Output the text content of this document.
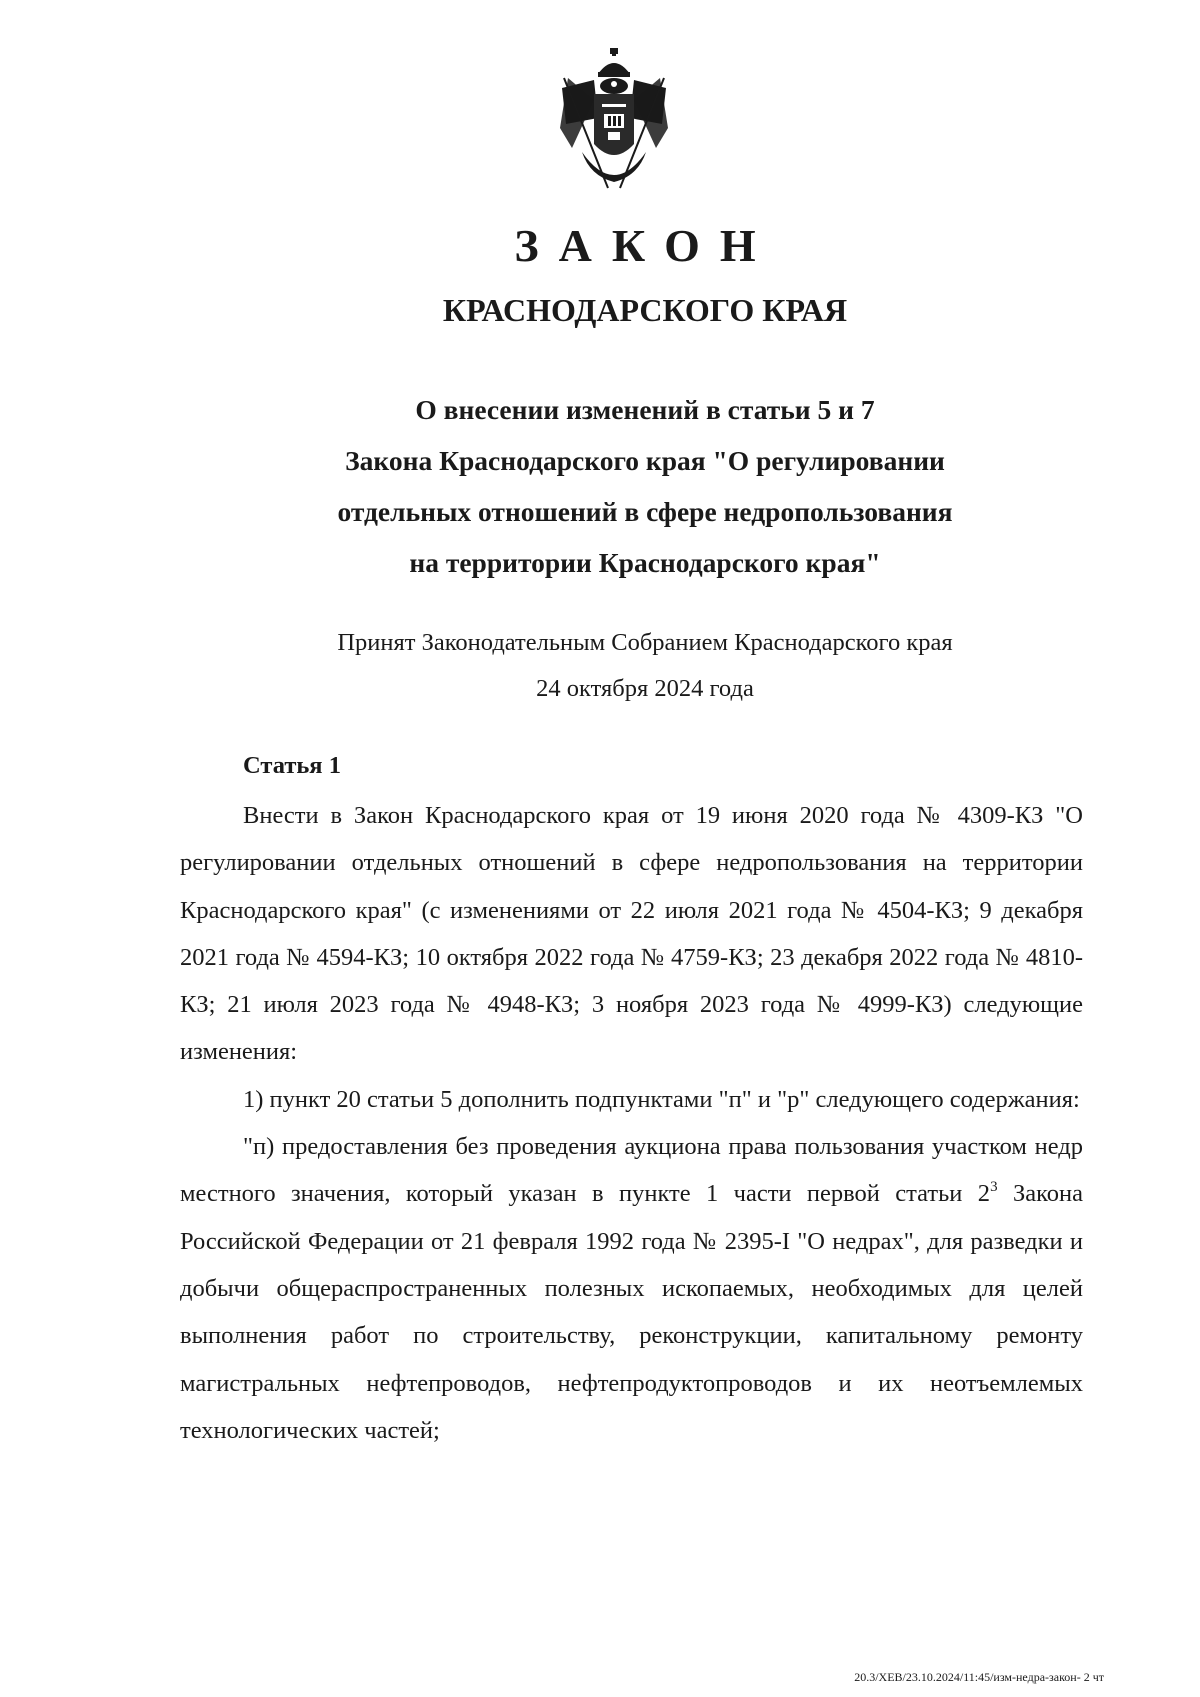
ЗАКОН
КРАСНОДАРСКОГО КРАЯ
О внесении изменений в статьи 5 и 7
Закона Краснодарского края "О регулировании
отдельных отношений в сфере недропользования
на территории Краснодарского края"
Принят Законодательным Собранием Краснодарского края
24 октября 2024 года
Статья 1

Внести в Закон Краснодарского края от 19 июня 2020 года № 4309-КЗ "О регулировании отдельных отношений в сфере недропользования на территории Краснодарского края" (с изменениями от 22 июля 2021 года № 4504-КЗ; 9 декабря 2021 года № 4594-КЗ; 10 октября 2022 года № 4759-КЗ; 23 декабря 2022 года № 4810-КЗ; 21 июля 2023 года № 4948-КЗ; 3 ноября 2023 года № 4999-КЗ) следующие изменения:

1) пункт 20 статьи 5 дополнить подпунктами "п" и "р" следующего содержания:

"п) предоставления без проведения аукциона права пользования участком недр местного значения, который указан в пункте 1 части первой статьи $2^3$ Закона Российской Федерации от 21 февраля 1992 года № 2395-I "О недрах", для разведки и добычи общераспространенных полезных ископаемых, необходимых для целей выполнения работ по строительству, реконструкции, капитальному ремонту магистральных нефтепроводов, нефтепродуктопроводов и их неотъемлемых технологических частей;

20.3/ХЕВ/23.10.2024/11:45/изм-недра-закон- 2 чт
